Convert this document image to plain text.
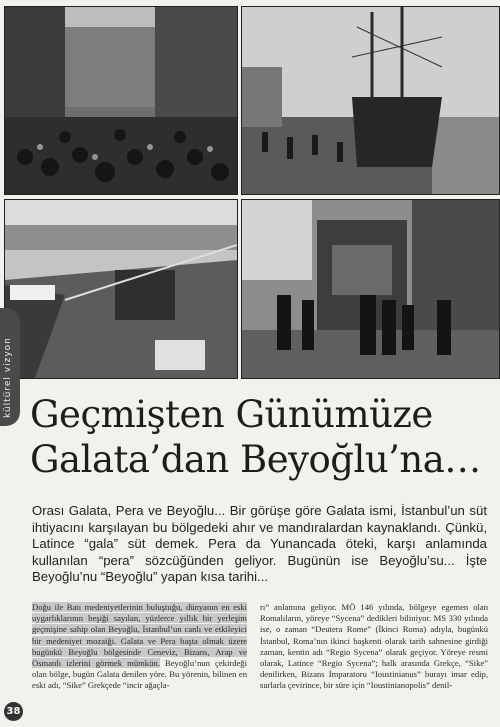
kültürel vizyon Geçmişten Günümüze
Galata’dan Beyoğlu’na…

Orası Galata, Pera ve Beyoğlu... Bir görüşe göre Galata ismi, İstanbul’un süt ihtiyacını karşılayan bu bölgedeki ahır ve mandıralardan kaynaklandı. Çünkü, Latince “gala” süt demek. Pera da Yunancada öteki, karşı anlamında kullanılan “pera” sözcüğünden geliyor. Bugünün ise Beyoğlu’su... İşte Beyoğlu’nu “Beyoğlu” yapan kısa tarihi...

Doğu ile Batı medeniyetlerinin buluştuğu, dünyanın en eski uygarlıklarının beşiği sayılan, yüzlerce yıllık bir yerleşim geçmişine sahip olan Beyoğlu, İstanbul’un canlı ve etkileyici bir medeniyet mozaiği. Galata ve Pera başta olmak üzere bugünkü Beyoğlu bölgesinde Ceneviz, Bizans, Arap ve Osmanlı izlerini görmek mümkün. Beyoğlu’nun çekirdeği olan bölge, bugün Galata denilen yöre. Bu yörenin, bilinen en eski adı, “Sike” Grekçede “incir ağaçla-

rı” anlamına geliyor. MÖ 146 yılında, bölgeye egemen olan Romalıların, yöreye “Sycena” dedikleri biliniyor. MS 330 yılında ise, o zaman “Deutera Rome” (İkinci Roma) adıyla, bugünkü İstanbul, Roma’nın ikinci başkenti olarak tarih sahnesine girdiği zaman, kentin adı “Regio Sycena” olarak geçiyor. Yöreye resmi olarak, Latince “Regio Sycena”; halk arasında Grekçe, “Sike” denilirken, Bizans İmparatoru “Ioustinianus” burayı imar edip, surlarla çevirince, bir süre için “Ioustinianopolis” denil-

38
